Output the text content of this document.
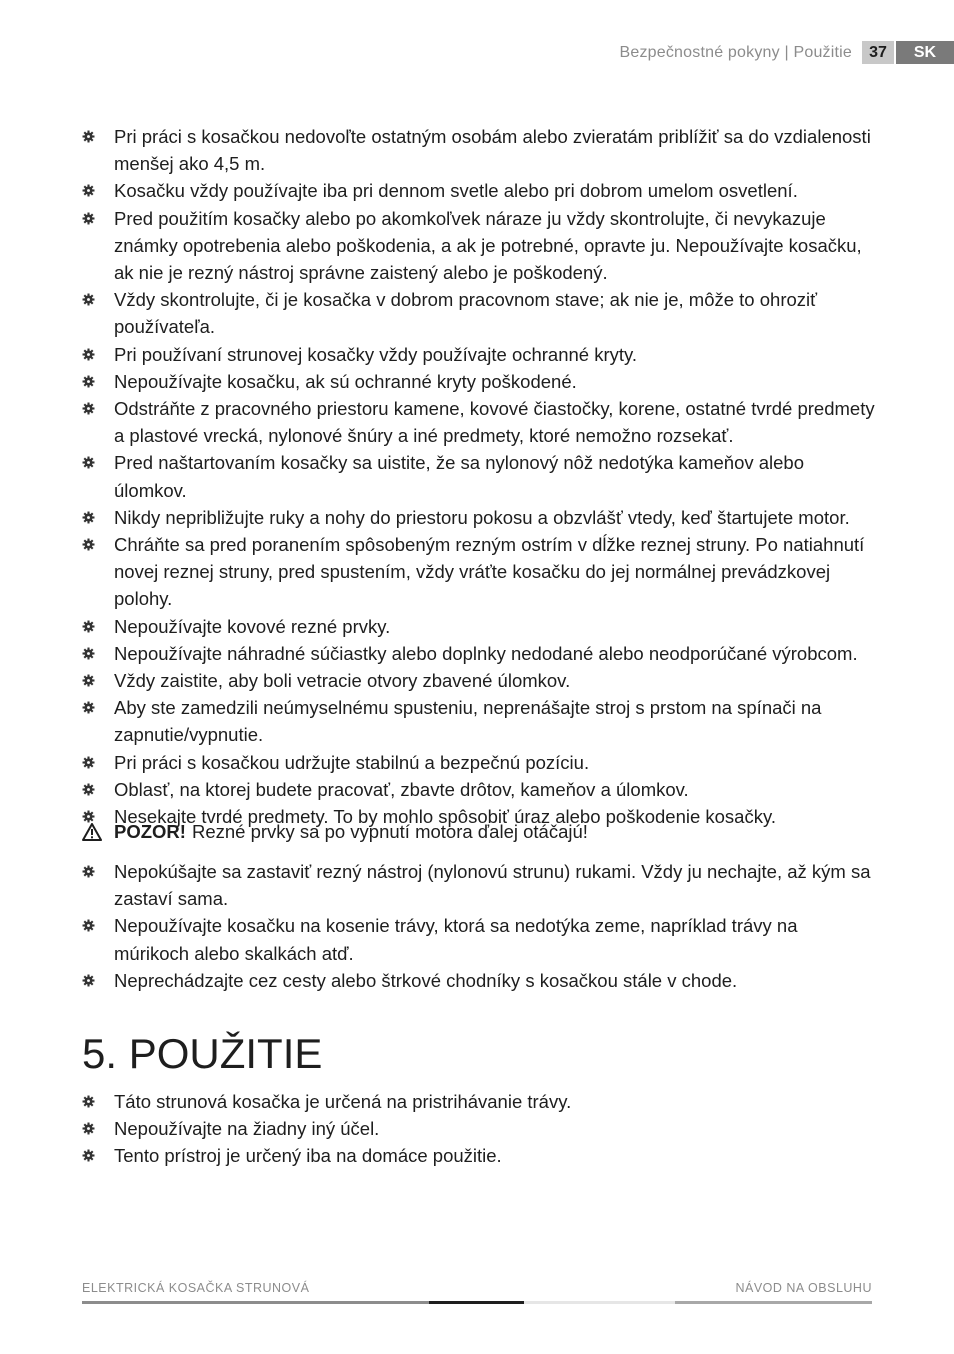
Bezpečnostné pokyny | Použitie	37	SK
Pri práci s kosačkou nedovoľte ostatným osobám alebo zvieratám priblížiť sa do vzdialenosti menšej ako 4,5 m.
Kosačku vždy používajte iba pri dennom svetle alebo pri dobrom umelom osvetlení.
Pred použitím kosačky alebo po akomkoľvek náraze ju vždy skontrolujte, či nevykazuje známky opotrebenia alebo poškodenia, a ak je potrebné, opravte ju. Nepoužívajte kosačku, ak nie je rezný nástroj správne zaistený alebo je poškodený.
Vždy skontrolujte, či je kosačka v dobrom pracovnom stave; ak nie je, môže to ohroziť používateľa.
Pri používaní strunovej kosačky vždy používajte ochranné kryty.
Nepoužívajte kosačku, ak sú ochranné kryty poškodené.
Odstráňte z pracovného priestoru kamene, kovové čiastočky, korene, ostatné tvrdé predmety a plastové vrecká, nylonové šnúry a iné predmety, ktoré nemožno rozsekať.
Pred naštartovaním kosačky sa uistite, že sa nylonový nôž nedotýka kameňov alebo úlomkov.
Nikdy nepribližujte ruky a nohy do priestoru pokosu a obzvlášť vtedy, keď štartujete motor.
Chráňte sa pred poranením spôsobeným rezným ostrím v dĺžke reznej struny. Po natiahnutí novej reznej struny, pred spustením, vždy vráťte kosačku do jej normálnej prevádzkovej polohy.
Nepoužívajte kovové rezné prvky.
Nepoužívajte náhradné súčiastky alebo doplnky nedodané alebo neodporúčané výrobcom.
Vždy zaistite, aby boli vetracie otvory zbavené úlomkov.
Aby ste zamedzili neúmyselnému spusteniu, neprenášajte stroj s prstom na spínači na zapnutie/vypnutie.
Pri práci s kosačkou udržujte stabilnú a bezpečnú pozíciu.
Oblasť, na ktorej budete pracovať, zbavte drôtov, kameňov a úlomkov.
Nesekajte tvrdé predmety. To by mohlo spôsobiť úraz alebo poškodenie kosačky.
POZOR! Rezné prvky sa po vypnutí motora ďalej otáčajú!
Nepokúšajte sa zastaviť rezný nástroj (nylonovú strunu) rukami. Vždy ju nechajte, až kým sa zastaví sama.
Nepoužívajte kosačku na kosenie trávy, ktorá sa nedotýka zeme, napríklad trávy na múrikoch alebo skalkách atď.
Neprechádzajte cez cesty alebo štrkové chodníky s kosačkou stále v chode.
5. POUŽITIE
Táto strunová kosačka je určená na pristrihávanie trávy.
Nepoužívajte na žiadny iný účel.
Tento prístroj je určený iba na domáce použitie.
ELEKTRICKÁ KOSAČKA STRUNOVÁ	NÁVOD NA OBSLUHU
